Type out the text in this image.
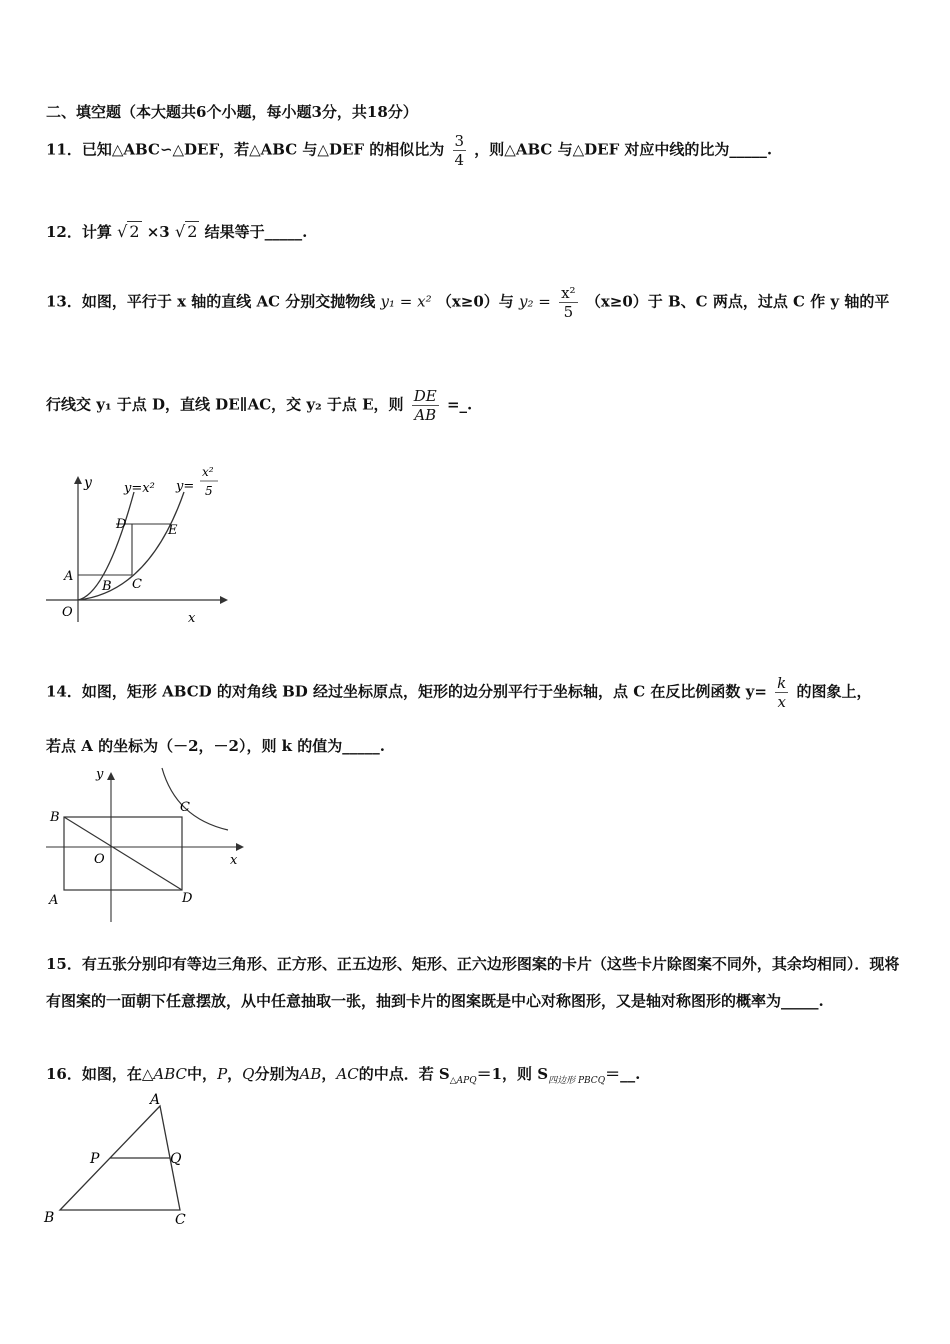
二、填空题（本大题共6个小题，每小题3分，共18分）
11．已知△ABC∽△DEF，若△ABC 与△DEF 的相似比为 $\frac{3}{4}$ ，则△ABC 与△DEF 对应中线的比为_____.
12．计算 √ 2 ×3 √ 2 结果等于_____.
13．如图，平行于 x 轴的直线 AC 分别交抛物线 y₁ = x² （x≥0）与 $y_2 = \frac{\text{x²}}{5} (x\ge 0)$于 B、C 两点，过点 C 作 y 轴的平
行线交 y₁ 于点 D，直线 DE∥AC，交 y₂ 于点 E，则 $\frac{DE}{AB}$ =_.
y
x
O
A
B C
D	E
y=x² y=
x²
5
14．如图，矩形 ABCD 的对角线 BD 经过坐标原点，矩形的边分别平行于坐标轴，点 C 在反比例函数 $y= \frac{k}{x}$ 的图象上，
若点 A 的坐标为（－2，－2），则 k 的值为_____.
y
x
O
A
B
C
D
15．有五张分别印有等边三角形、正方形、正五边形、矩形、正六边形图案的卡片（这些卡片除图案不同外，其余均相同）．现将有图案的一面朝下任意摆放，从中任意抽取一张，抽到卡片的图案既是中心对称图形，又是轴对称图形的概率为_____.
16．如图，在△ABC中，P，Q分别为AB，AC的中点．若 $S_{\triangle APQ}=1$，则 $S_{四边形 PBCQ}=\_\_$.
A
P	Q
B	C
